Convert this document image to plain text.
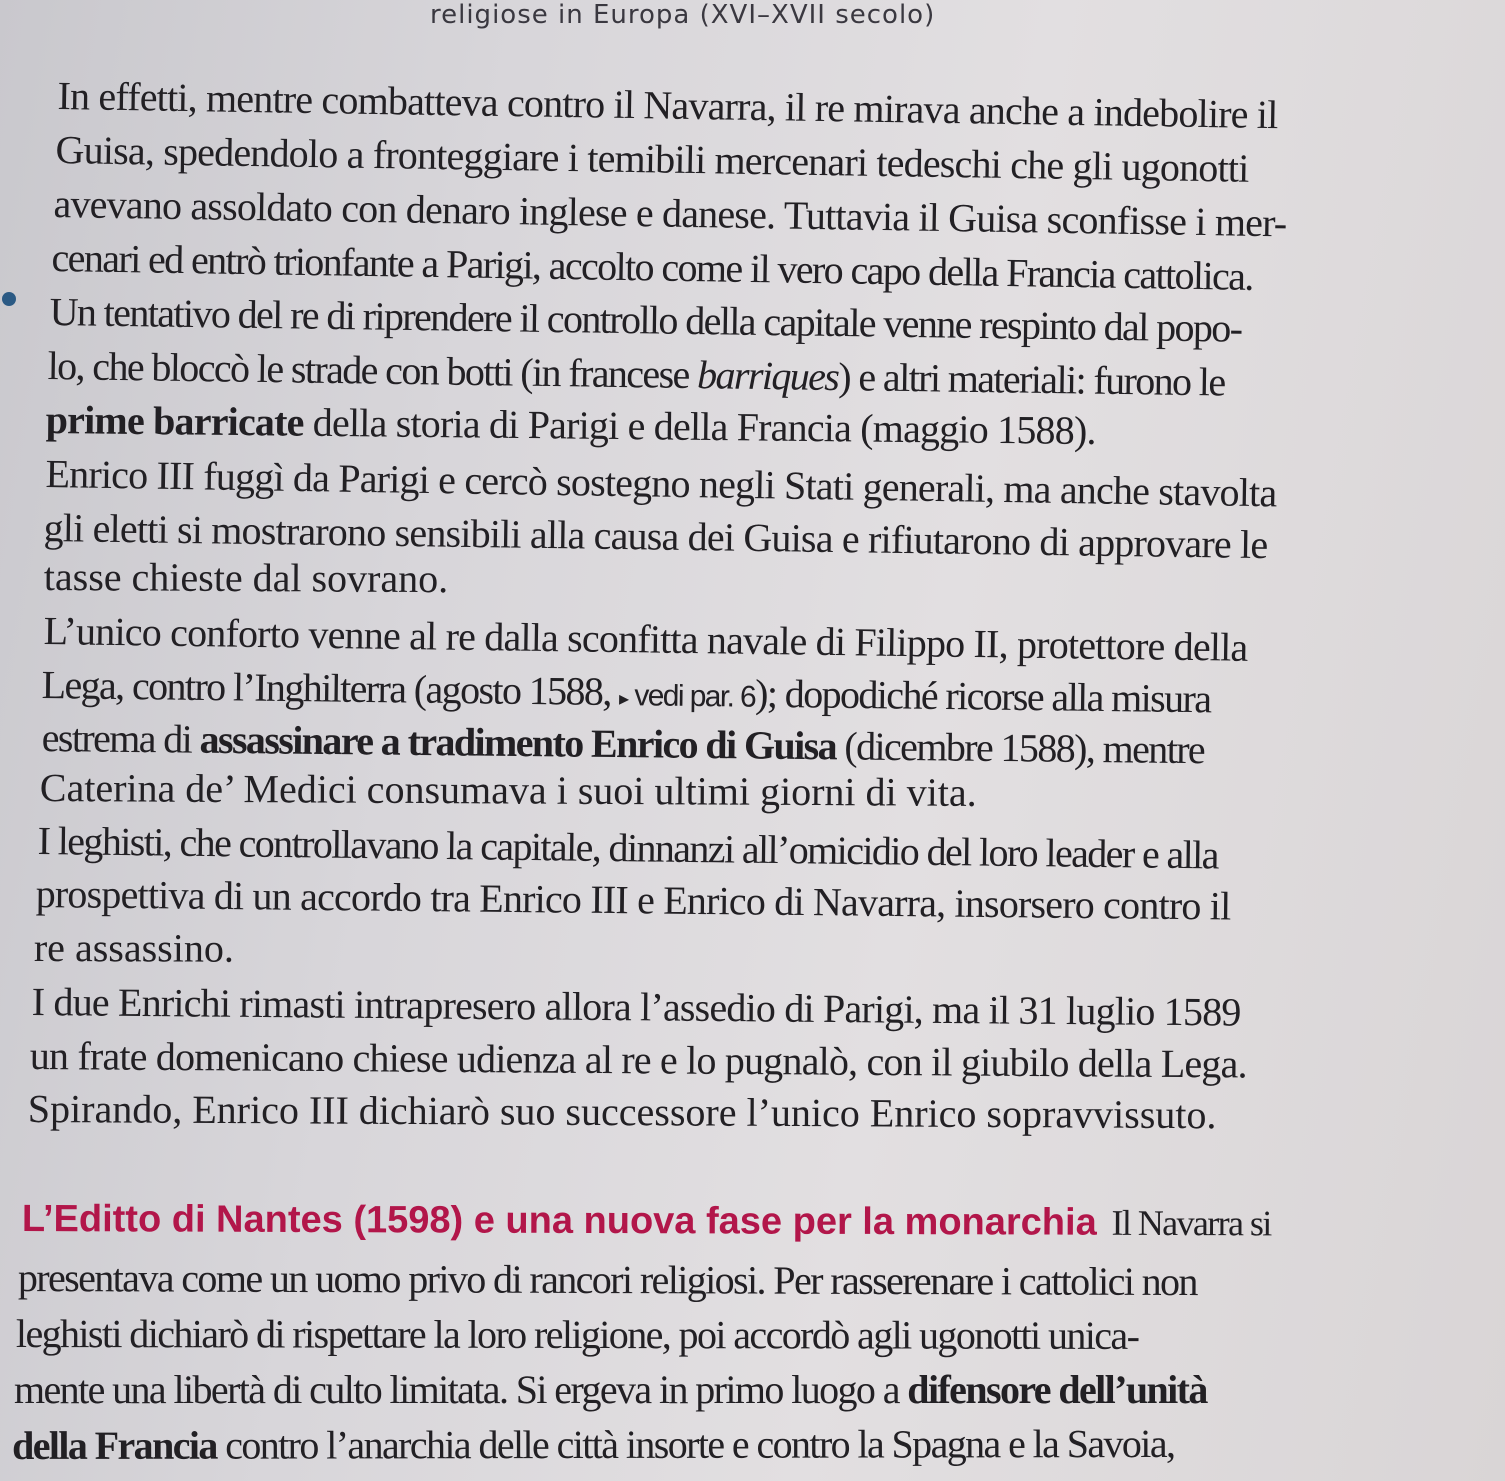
religiose in Europa (XVI–XVII secolo)
In effetti, mentre combatteva contro il Navarra, il re mirava anche a indebolire il
Guisa, spedendolo a fronteggiare i temibili mercenari tedeschi che gli ugonotti
avevano assoldato con denaro inglese e danese. Tuttavia il Guisa sconfisse i mer-
cenari ed entrò trionfante a Parigi, accolto come il vero capo della Francia cattolica.
Un tentativo del re di riprendere il controllo della capitale venne respinto dal popo-
lo, che bloccò le strade con botti (in francese barriques) e altri materiali: furono le
prime barricate della storia di Parigi e della Francia (maggio 1588).
Enrico III fuggì da Parigi e cercò sostegno negli Stati generali, ma anche stavolta
gli eletti si mostrarono sensibili alla causa dei Guisa e rifiutarono di approvare le
tasse chieste dal sovrano.
L’unico conforto venne al re dalla sconfitta navale di Filippo II, protettore della
Lega, contro l’Inghilterra (agosto 1588, ▸ vedi par. 6); dopodiché ricorse alla misura
estrema di assassinare a tradimento Enrico di Guisa (dicembre 1588), mentre
Caterina de’ Medici consumava i suoi ultimi giorni di vita.
I leghisti, che controllavano la capitale, dinnanzi all’omicidio del loro leader e alla
prospettiva di un accordo tra Enrico III e Enrico di Navarra, insorsero contro il
re assassino.
I due Enrichi rimasti intrapresero allora l’assedio di Parigi, ma il 31 luglio 1589
un frate domenicano chiese udienza al re e lo pugnalò, con il giubilo della Lega.
Spirando, Enrico III dichiarò suo successore l’unico Enrico sopravvissuto.
L’Editto di Nantes (1598) e una nuova fase per la monarchia Il Navarra si
presentava come un uomo privo di rancori religiosi. Per rasserenare i cattolici non
leghisti dichiarò di rispettare la loro religione, poi accordò agli ugonotti unica-
mente una libertà di culto limitata. Si ergeva in primo luogo a difensore dell’unità
della Francia contro l’anarchia delle città insorte e contro la Spagna e la Savoia,
